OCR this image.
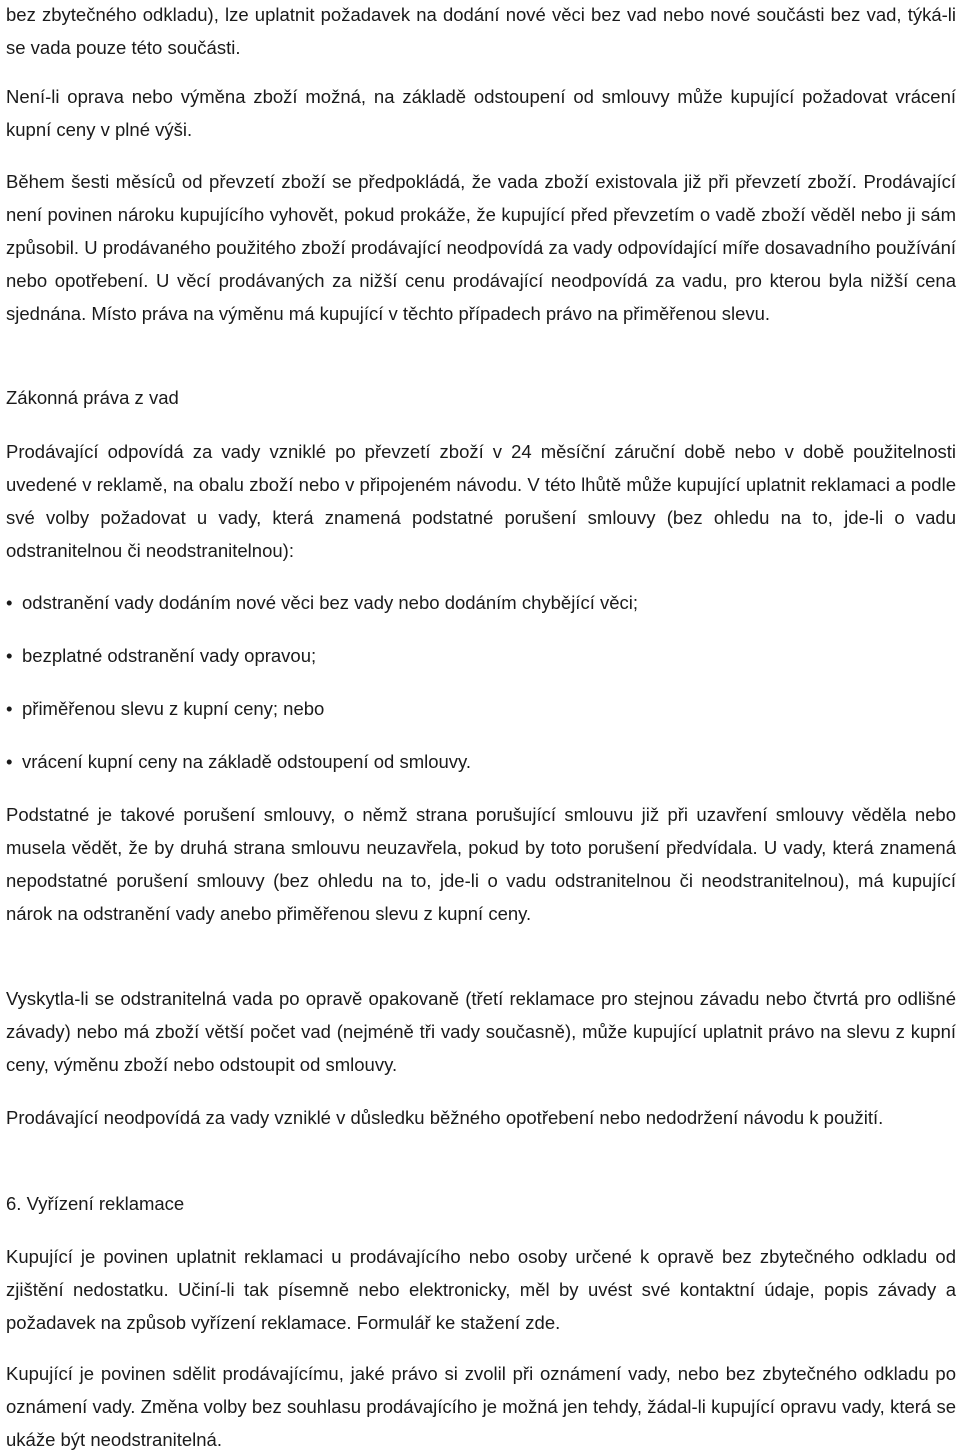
bez zbytečného odkladu), lze uplatnit požadavek na dodání nové věci bez vad nebo nové součásti bez vad, týká-li se vada pouze této součásti.

Není-li oprava nebo výměna zboží možná, na základě odstoupení od smlouvy může kupující požadovat vrácení kupní ceny v plné výši.

Během šesti měsíců od převzetí zboží se předpokládá, že vada zboží existovala již při převzetí zboží. Prodávající není povinen nároku kupujícího vyhovět, pokud prokáže, že kupující před převzetím o vadě zboží věděl nebo ji sám způsobil. U prodávaného použitého zboží prodávající neodpovídá za vady odpovídající míře dosavadního používání nebo opotřebení. U věcí prodávaných za nižší cenu prodávající neodpovídá za vadu, pro kterou byla nižší cena sjednána. Místo práva na výměnu má kupující v těchto případech právo na přiměřenou slevu.

Zákonná práva z vad

Prodávající odpovídá za vady vzniklé po převzetí zboží v 24 měsíční záruční době nebo v době použitelnosti uvedené v reklamě, na obalu zboží nebo v připojeném návodu. V této lhůtě může kupující uplatnit reklamaci a podle své volby požadovat u vady, která znamená podstatné porušení smlouvy (bez ohledu na to, jde-li o vadu odstranitelnou či neodstranitelnou):

• odstranění vady dodáním nové věci bez vady nebo dodáním chybějící věci;

• bezplatné odstranění vady opravou;

• přiměřenou slevu z kupní ceny; nebo

• vrácení kupní ceny na základě odstoupení od smlouvy.

Podstatné je takové porušení smlouvy, o němž strana porušující smlouvu již při uzavření smlouvy věděla nebo musela vědět, že by druhá strana smlouvu neuzavřela, pokud by toto porušení předvídala. U vady, která znamená nepodstatné porušení smlouvy (bez ohledu na to, jde-li o vadu odstranitelnou či neodstranitelnou), má kupující nárok na odstranění vady anebo přiměřenou slevu z kupní ceny.

Vyskytla-li se odstranitelná vada po opravě opakovaně (třetí reklamace pro stejnou závadu nebo čtvrtá pro odlišné závady) nebo má zboží větší počet vad (nejméně tři vady současně), může kupující uplatnit právo na slevu z kupní ceny, výměnu zboží nebo odstoupit od smlouvy.

Prodávající neodpovídá za vady vzniklé v důsledku běžného opotřebení nebo nedodržení návodu k použití.

6. Vyřízení reklamace

Kupující je povinen uplatnit reklamaci u prodávajícího nebo osoby určené k opravě bez zbytečného odkladu od zjištění nedostatku. Učiní-li tak písemně nebo elektronicky, měl by uvést své kontaktní údaje, popis závady a požadavek na způsob vyřízení reklamace. Formulář ke stažení zde.

Kupující je povinen sdělit prodávajícímu, jaké právo si zvolil při oznámení vady, nebo bez zbytečného odkladu po oznámení vady. Změna volby bez souhlasu prodávajícího je možná jen tehdy, žádal-li kupující opravu vady, která se ukáže být neodstranitelná.
